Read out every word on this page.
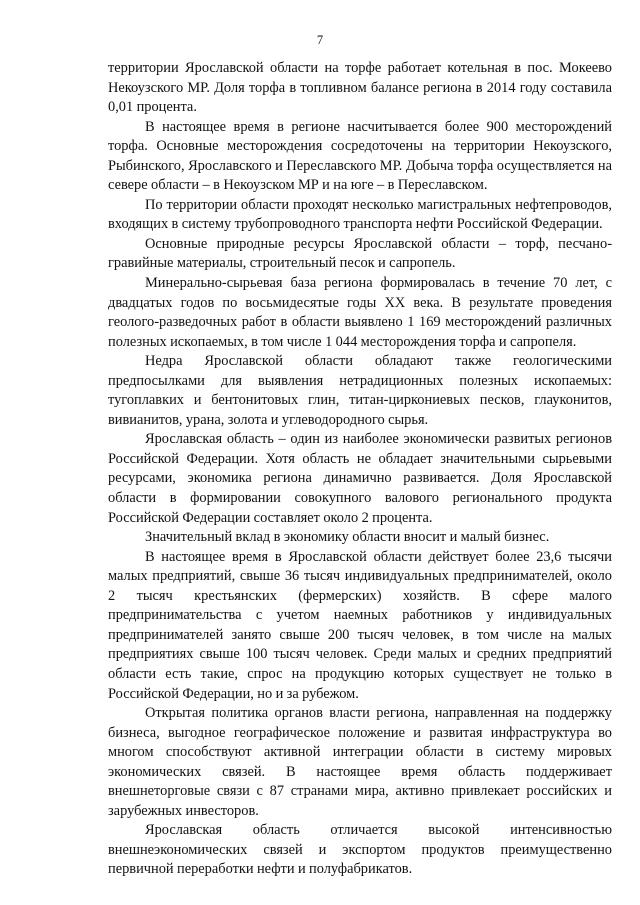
7

территории Ярославской области на торфе работает котельная в пос. Мокеево Некоузского МР. Доля торфа в топливном балансе региона в 2014 году составила 0,01 процента.

В настоящее время в регионе насчитывается более 900 месторождений торфа. Основные месторождения сосредоточены на территории Некоузского, Рыбинского, Ярославского и Переславского МР. Добыча торфа осуществляется на севере области – в Некоузском МР и на юге – в Переславском.

По территории области проходят несколько магистральных нефтепроводов, входящих в систему трубопроводного транспорта нефти Российской Федерации.

Основные природные ресурсы Ярославской области – торф, песчано-гравийные материалы, строительный песок и сапропель.

Минерально-сырьевая база региона формировалась в течение 70 лет, с двадцатых годов по восьмидесятые годы XX века. В результате проведения геолого-разведочных работ в области выявлено 1 169 месторождений различных полезных ископаемых, в том числе 1 044 месторождения торфа и сапропеля.

Недра Ярославской области обладают также геологическими предпосылками для выявления нетрадиционных полезных ископаемых: тугоплавких и бентонитовых глин, титан-циркониевых песков, глауконитов, вивианитов, урана, золота и углеводородного сырья.

Ярославская область – один из наиболее экономически развитых регионов Российской Федерации. Хотя область не обладает значительными сырьевыми ресурсами, экономика региона динамично развивается. Доля Ярославской области в формировании совокупного валового регионального продукта Российской Федерации составляет около 2 процента.

Значительный вклад в экономику области вносит и малый бизнес.

В настоящее время в Ярославской области действует более 23,6 тысячи малых предприятий, свыше 36 тысяч индивидуальных предпринимателей, около 2 тысяч крестьянских (фермерских) хозяйств. В сфере малого предпринимательства с учетом наемных работников у индивидуальных предпринимателей занято свыше 200 тысяч человек, в том числе на малых предприятиях свыше 100 тысяч человек. Среди малых и средних предприятий области есть такие, спрос на продукцию которых существует не только в Российской Федерации, но и за рубежом.

Открытая политика органов власти региона, направленная на поддержку бизнеса, выгодное географическое положение и развитая инфраструктура во многом способствуют активной интеграции области в систему мировых экономических связей. В настоящее время область поддерживает внешнеторговые связи с 87 странами мира, активно привлекает российских и зарубежных инвесторов.

Ярославская область отличается высокой интенсивностью внешнеэкономических связей и экспортом продуктов преимущественно первичной переработки нефти и полуфабрикатов.
